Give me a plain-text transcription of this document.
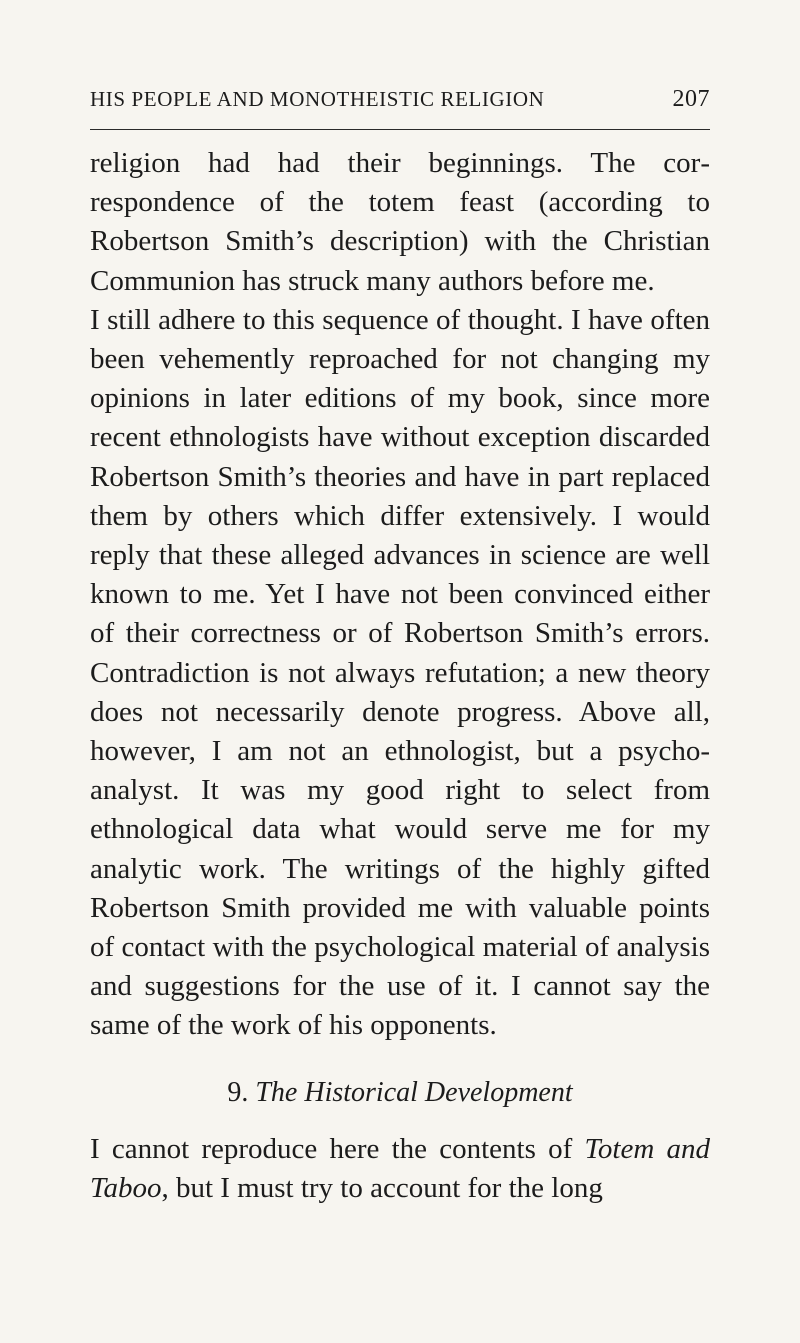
HIS PEOPLE AND MONOTHEISTIC RELIGION	207

religion had had their beginnings. The correspondence of the totem feast (according to Robertson Smith’s description) with the Christian Communion has struck many authors before me.

I still adhere to this sequence of thought. I have often been vehemently reproached for not changing my opinions in later editions of my book, since more recent ethnologists have without exception discarded Robertson Smith’s theories and have in part replaced them by others which differ extensively. I would reply that these alleged advances in science are well known to me. Yet I have not been convinced either of their correctness or of Robertson Smith’s errors. Contradiction is not always refutation; a new theory does not necessarily denote progress. Above all, however, I am not an ethnologist, but a psychoanalyst. It was my good right to select from ethnological data what would serve me for my analytic work. The writings of the highly gifted Robertson Smith provided me with valuable points of contact with the psychological material of analysis and suggestions for the use of it. I cannot say the same of the work of his opponents.

9. The Historical Development

I cannot reproduce here the contents of Totem and Taboo, but I must try to account for the long
